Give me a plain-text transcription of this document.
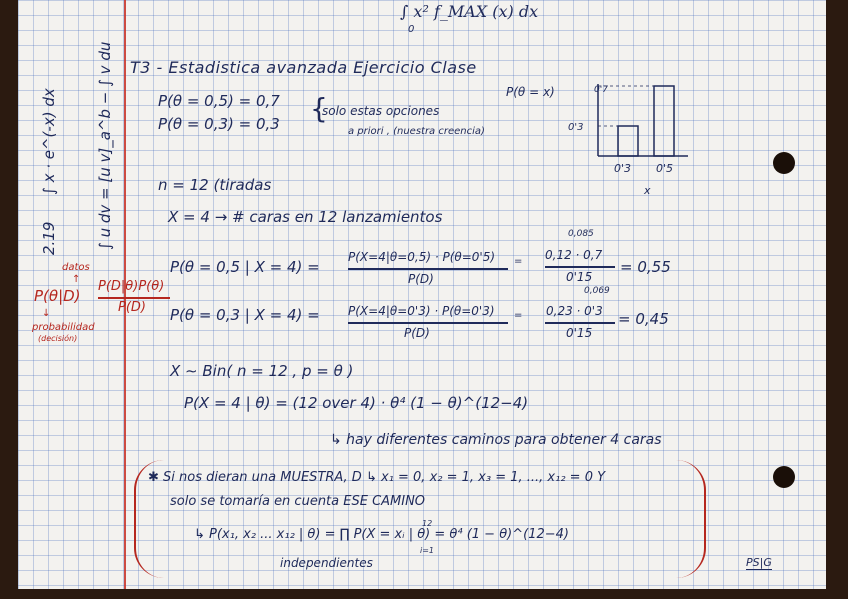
∫ x² f_MAX (x) dx
0
∫ x · e^(-x) dx	∫ u dv = [u v]_a^b − ∫ v du
2.19
T3 - Estadistica avanzada Ejercicio Clase
P(θ = 0,5) = 0,7
P(θ = 0,3) = 0,3 {
solo estas opciones
a priori , (nuestra creencia)
P(θ = x)	0'7
0'3
0'3 0'5
x
n = 12 (tiradas
X = 4 → # caras en 12 lanzamientos
datos
↑
P(θ|D)
P(D|θ)P(θ)
P(D)
↓
probabilidad
(decisión)
P(θ = 0,5 | X = 4) =
P(X=4|θ=0,5) · P(θ=0'5)
P(D)
=
0,085
0,12 · 0,7
0'15
= 0,55
P(θ = 0,3 | X = 4) = P(X=4|θ=0'3) · P(θ=0'3)
P(D)
=
0,069
0,23 · 0'3
0'15
= 0,45
X ∼ Bin( n = 12 , p = θ )
P(X = 4 | θ) = (12 over 4) · θ⁴ (1 − θ)^(12−4)
↳ hay diferentes caminos para obtener 4 caras
✱ Si nos dieran una MUESTRA, D ↳ x₁ = 0, x₂ = 1, x₃ = 1, ..., x₁₂ = 0 Y
solo se tomaría en cuenta ESE CAMINO
↳ P(x₁, x₂ ... x₁₂ | θ) = ∏ P(X = xᵢ | θ) = θ⁴ (1 − θ)^(12−4)
independientes
12
i=1
PS|G
